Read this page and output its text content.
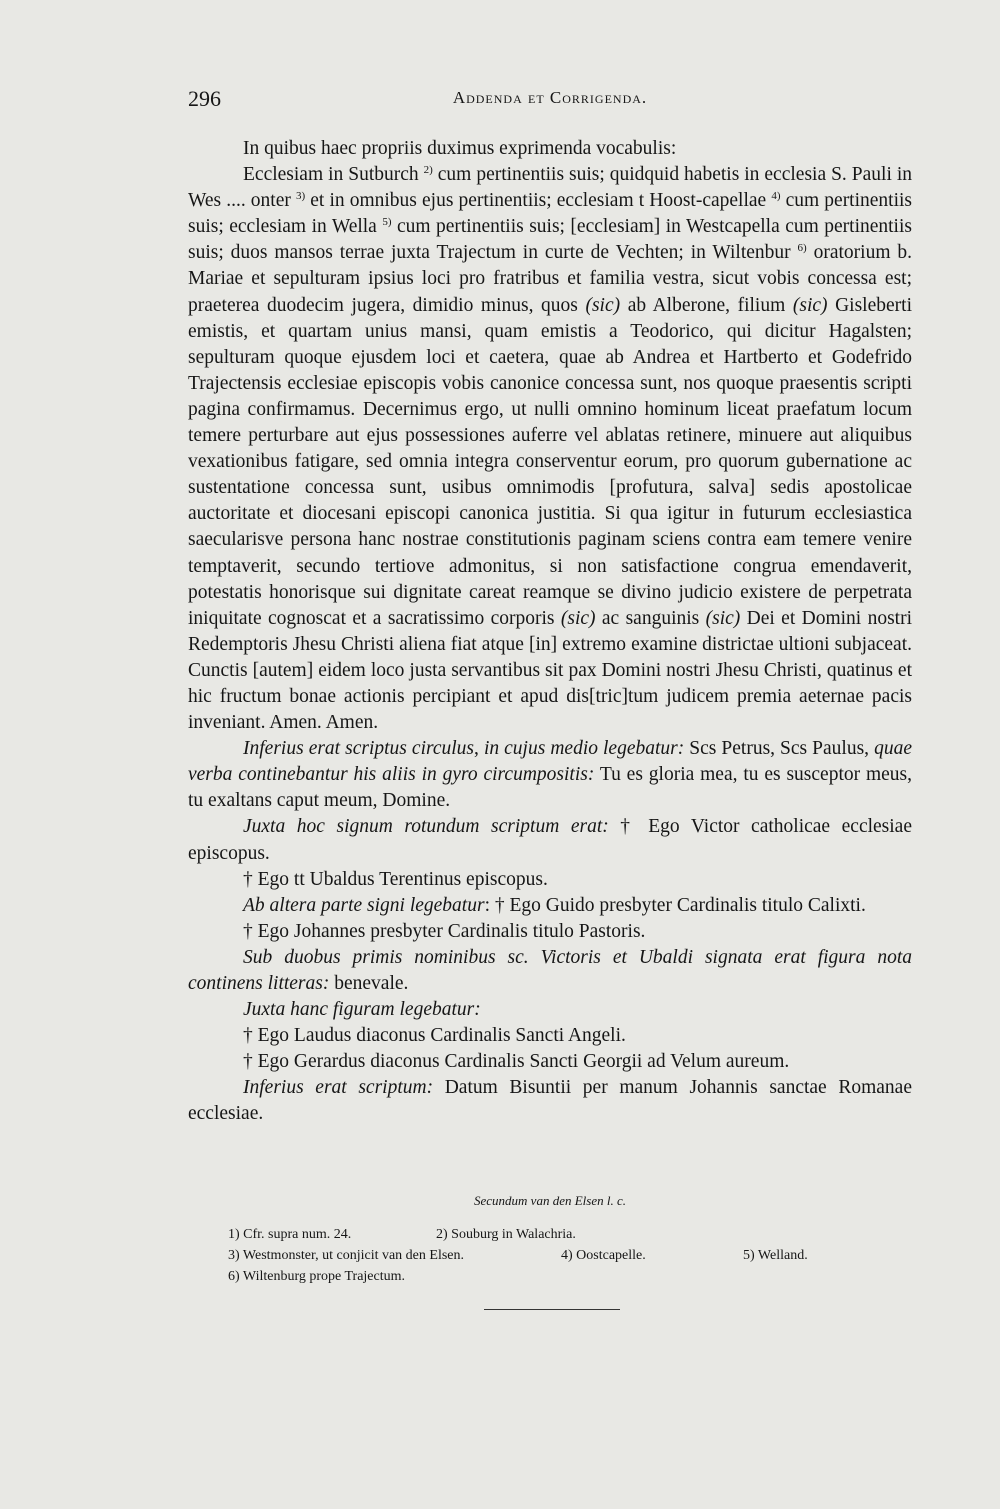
296	Addenda et Corrigenda.

In quibus haec propriis duximus exprimenda vocabulis:

Ecclesiam in Sutburch $^{2)}$ cum pertinentiis suis; quidquid habetis in ecclesia S. Pauli in Wes .... onter $^{3)}$ et in omnibus ejus pertinentiis; ecclesiam t Hoost-capellae $^{4)}$ cum pertinentiis suis; ecclesiam in Wella $^{5)}$ cum pertinentiis suis; [ecclesiam] in Westcapella cum pertinentiis suis; duos mansos terrae juxta Trajectum in curte de Vechten; in Wiltenbur $^{6)}$ oratorium b. Mariae et sepulturam ipsius loci pro fratribus et familia vestra, sicut vobis concessa est; praeterea duodecim jugera, dimidio minus, quos (sic) ab Alberone, filium (sic) Gisleberti emistis, et quartam unius mansi, quam emistis a Teodorico, qui dicitur Hagalsten; sepulturam quoque ejusdem loci et caetera, quae ab Andrea et Hartberto et Godefrido Trajectensis ecclesiae episcopis vobis canonice concessa sunt, nos quoque praesentis scripti pagina confirmamus. Decernimus ergo, ut nulli omnino hominum liceat praefatum locum temere perturbare aut ejus possessiones auferre vel ablatas retinere, minuere aut aliquibus vexationibus fatigare, sed omnia integra conserventur eorum, pro quorum gubernatione ac sustentatione concessa sunt, usibus omnimodis [profutura, salva] sedis apostolicae auctoritate et diocesani episcopi canonica justitia. Si qua igitur in futurum ecclesiastica saecularisve persona hanc nostrae constitutionis paginam sciens contra eam temere venire temptaverit, secundo tertiove admonitus, si non satisfactione congrua emendaverit, potestatis honorisque sui dignitate careat reamque se divino judicio existere de perpetrata iniquitate cognoscat et a sacratissimo corporis (sic) ac sanguinis (sic) Dei et Domini nostri Redemptoris Jhesu Christi aliena fiat atque [in] extremo examine districtae ultioni subjaceat. Cunctis [autem] eidem loco justa servantibus sit pax Domini nostri Jhesu Christi, quatinus et hic fructum bonae actionis percipiant et apud dis[tric]tum judicem premia aeternae pacis inveniant. Amen. Amen.

Inferius erat scriptus circulus, in cujus medio legebatur: Scs Petrus, Scs Paulus, quae verba continebantur his aliis in gyro circumpositis: Tu es gloria mea, tu es susceptor meus, tu exaltans caput meum, Domine.

Juxta hoc signum rotundum scriptum erat: † Ego Victor catholicae ecclesiae episcopus.

† Ego tt Ubaldus Terentinus episcopus.

Ab altera parte signi legebatur: † Ego Guido presbyter Cardinalis titulo Calixti.

† Ego Johannes presbyter Cardinalis titulo Pastoris.

Sub duobus primis nominibus sc. Victoris et Ubaldi signata erat figura nota continens litteras: benevale.

Juxta hanc figuram legebatur:

† Ego Laudus diaconus Cardinalis Sancti Angeli.

† Ego Gerardus diaconus Cardinalis Sancti Georgii ad Velum aureum.

Inferius erat scriptum: Datum Bisuntii per manum Johannis sanctae Romanae ecclesiae.

Secundum van den Elsen l. c.
1) Cfr. supra num. 24.	2) Souburg in Walachria.
3) Westmonster, ut conjicit van den Elsen.	4) Oostcapelle.	5) Welland.
6) Wiltenburg prope Trajectum.
